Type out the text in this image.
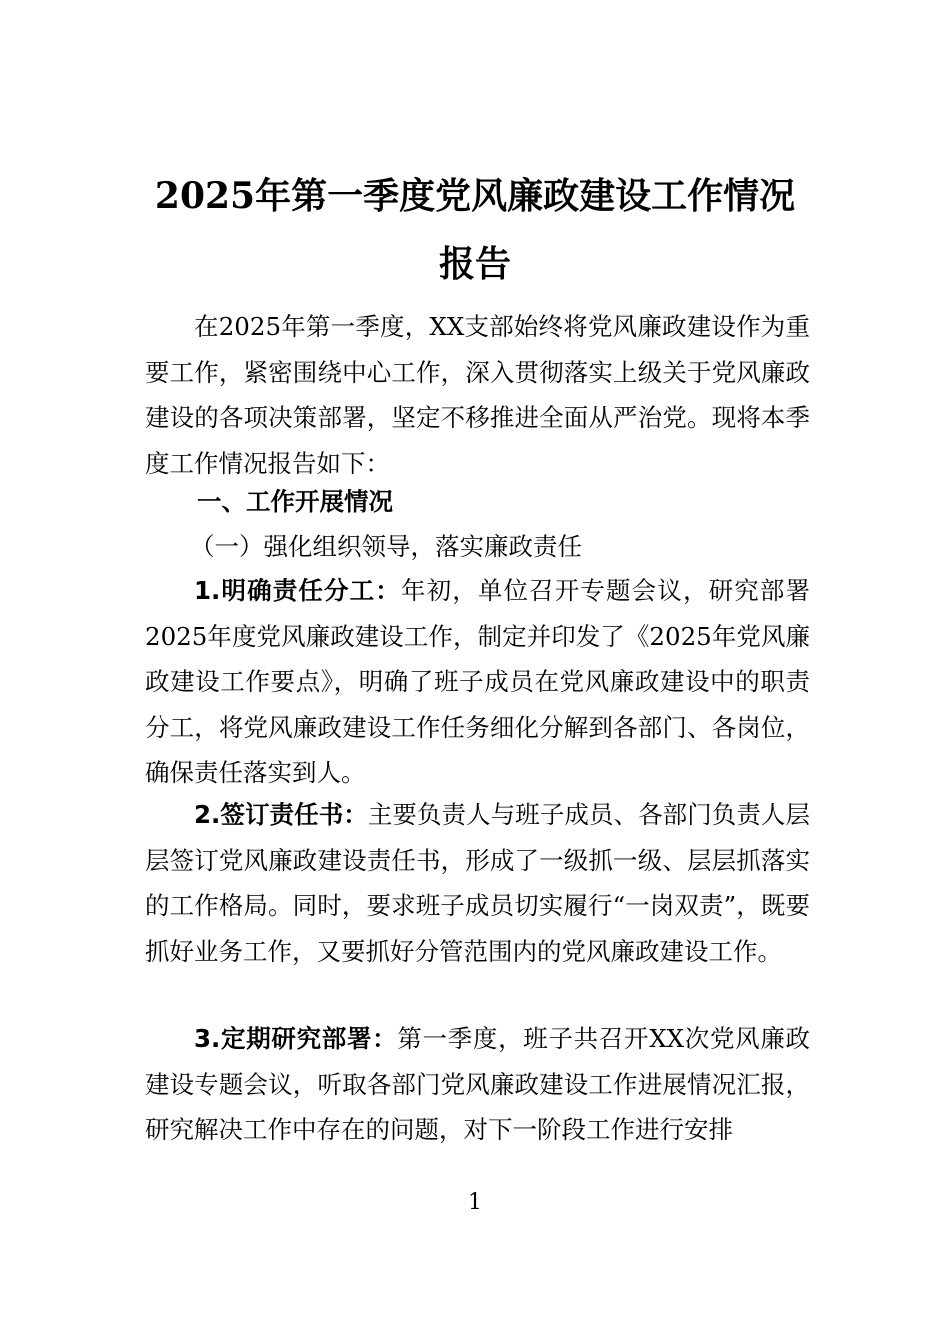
2025年第一季度党风廉政建设工作情况报告

在2025年第一季度，XX支部始终将党风廉政建设作为重要工作，紧密围绕中心工作，深入贯彻落实上级关于党风廉政建设的各项决策部署，坚定不移推进全面从严治党。现将本季度工作情况报告如下：

一、工作开展情况
（一）强化组织领导，落实廉政责任

1.明确责任分工：年初，单位召开专题会议，研究部署2025年度党风廉政建设工作，制定并印发了《2025年党风廉政建设工作要点》，明确了班子成员在党风廉政建设中的职责分工，将党风廉政建设工作任务细化分解到各部门、各岗位，确保责任落实到人。

2.签订责任书：主要负责人与班子成员、各部门负责人层层签订党风廉政建设责任书，形成了一级抓一级、层层抓落实的工作格局。同时，要求班子成员切实履行“一岗双责”，既要抓好业务工作，又要抓好分管范围内的党风廉政建设工作。

3.定期研究部署：第一季度，班子共召开XX次党风廉政建设专题会议，听取各部门党风廉政建设工作进展情况汇报，研究解决工作中存在的问题，对下一阶段工作进行安排

1
